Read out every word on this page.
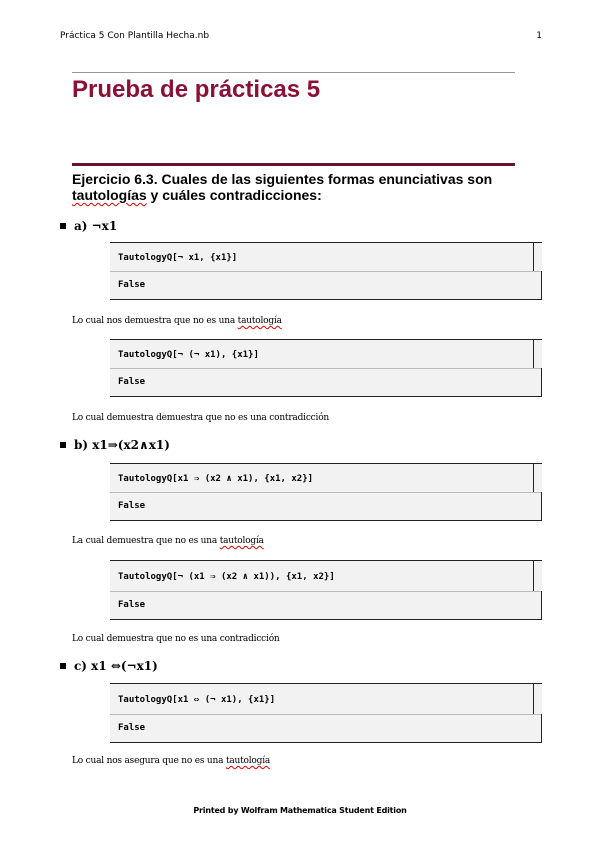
Práctica 5 Con Plantilla Hecha.nb	1
Prueba de prácticas 5
Ejercicio 6.3. Cuales de las siguientes formas enunciativas son
tautologías y cuáles contradicciones:
a) ¬x1
TautologyQ[¬ x1, {x1}]
False
Lo cual nos demuestra que no es una tautología
TautologyQ[¬ (¬ x1), {x1}]
False
Lo cual demuestra demuestra que no es una contradicción
b) x1⇒(x2∧x1)
TautologyQ[x1 ⇒ (x2 ∧ x1), {x1, x2}]
False
La cual demuestra que no es una tautología
TautologyQ[¬ (x1 ⇒ (x2 ∧ x1)), {x1, x2}]
False
Lo cual demuestra que no es una contradicción
c) x1 ⇔(¬x1)
TautologyQ[x1 ⇔ (¬ x1), {x1}]
False
Lo cual nos asegura que no es una tautología
Printed by Wolfram Mathematica Student Edition
